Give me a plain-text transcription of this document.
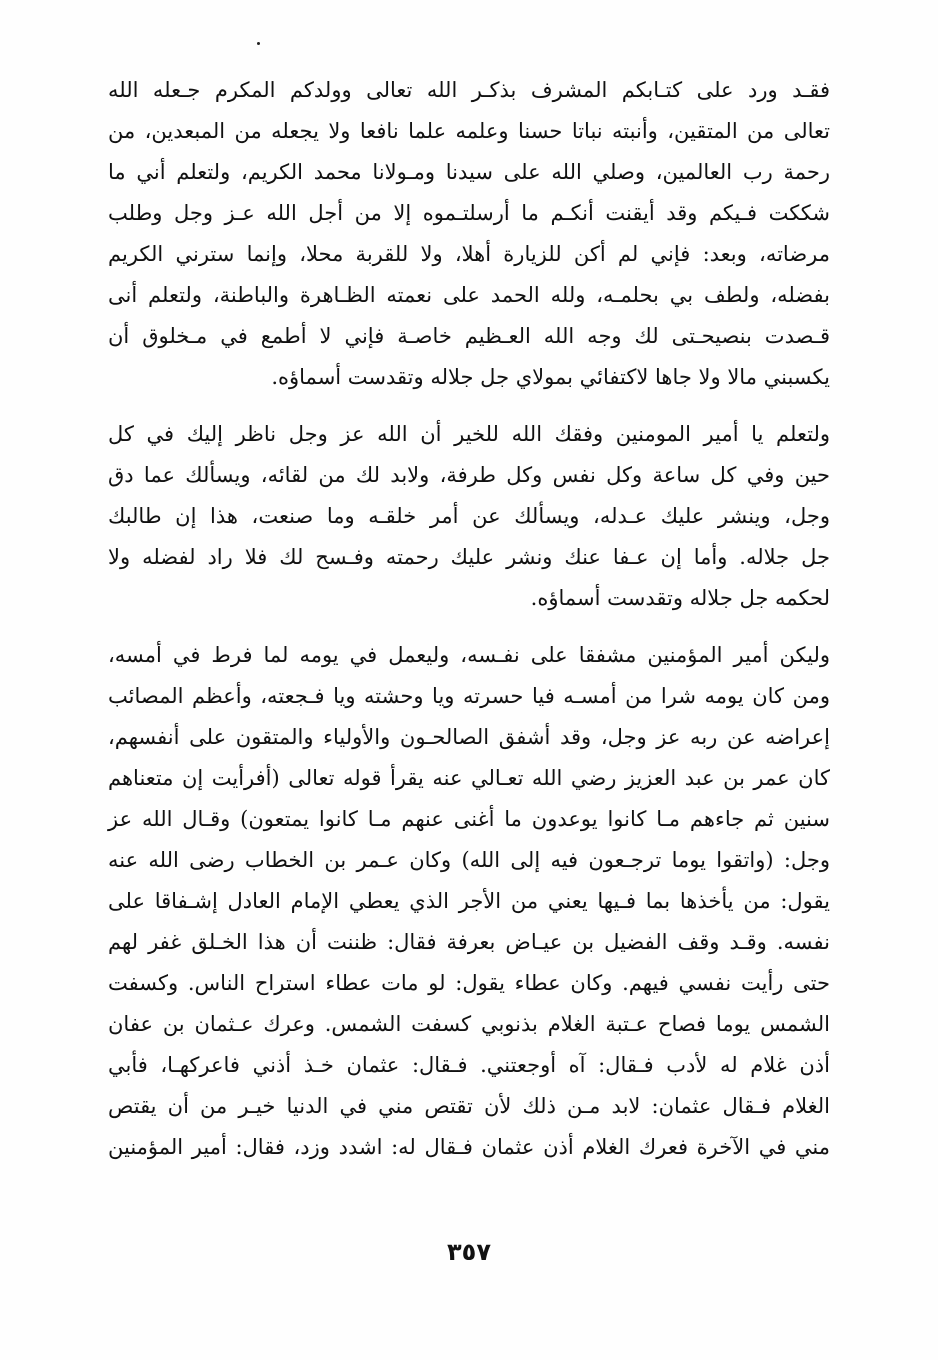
فقـد ورد على كتـابكم المشرف بذكـر الله تعالى وولدكم المكرم جـعله الله
تعالى من المتقين، وأنبته نباتا حسنا وعلمه علما نافعا ولا يجعله من المبعدين، من
رحمة رب العالمين، وصلي الله على سيدنا ومـولانا محمد الكريم، ولتعلم أني ما
شككت فـيكم وقد أيقنت أنكـم ما أرسلتـموه إلا من أجل الله عـز وجل وطلب
مرضاته، وبعد: فإني لم أكن للزيارة أهلا، ولا للقربة محلا، وإنما سترني الكريم
بفضله، ولطف بي بحلمـه، ولله الحمد على نعمته الظـاهرة والباطنة، ولتعلم أنى
قـصدت بنصيحـتى لك وجه الله العـظيم خاصـة فإني لا أطمع في مـخلوق أن
يكسبني مالا ولا جاها لاكتفائي بمولاي جل جلاله وتقدست أسماؤه.
ولتعلم يا أمير المومنين وفقك الله للخير أن الله عز وجل ناظر إليك في كل
حين وفي كل ساعة وكل نفس وكل طرفة، ولابد لك من لقائه، ويسألك عما دق
وجل، وينشر عليك عـدله، ويسألك عن أمر خلقـه وما صنعت، هذا إن طالبك
جل جلاله. وأما إن عـفا عنك ونشر عليك رحمته وفـسح لك فلا راد لفضله ولا
لحكمه جل جلاله وتقدست أسماؤه.
وليكن أمير المؤمنين مشفقا على نفـسه، وليعمل في يومه لما فرط في أمسه،
ومن كان يومه شرا من أمسـه فيا حسرته ويا وحشته ويا فـجعته، وأعظم المصائب
إعراضه عن ربه عز وجل، وقد أشفق الصالحـون والأولياء والمتقون على أنفسهم،
كان عمر بن عبد العزيز رضي الله تعـالي عنه يقرأ قوله تعالى (أفرأيت إن متعناهم
سنين ثم جاءهم مـا كانوا يوعدون ما أغنى عنهم مـا كانوا يمتعون) وقـال الله عز
وجل: (واتقوا يوما ترجـعون فيه إلى الله) وكان عـمر بن الخطاب رضى الله عنه
يقول: من يأخذها بما فـيها يعني من الأجر الذي يعطي الإمام العادل إشـفاقا على
نفسه. وقـد وقف الفضيل بن عيـاض بعرفة فقال: ظننت أن هذا الخـلق غفر لهم
حتى رأيت نفسي فيهم. وكان عطاء يقول: لو مات عطاء استراح الناس. وكسفت
الشمس يوما فصاح عـتبة الغلام بذنوبي كسفت الشمس. وعرك عـثمان بن عفان
أذن غلام له لأدب فـقال: آه أوجعتني. فـقال: عثمان خـذ أذني فاعركهـا، فأبي
الغلام فـقال عثمان: لابد مـن ذلك لأن تقتص مني في الدنيا خيـر من أن يقتص
مني في الآخرة فعرك الغلام أذن عثمان فـقال له: اشدد وزد، فقال: أمير المؤمنين
٣٥٧
